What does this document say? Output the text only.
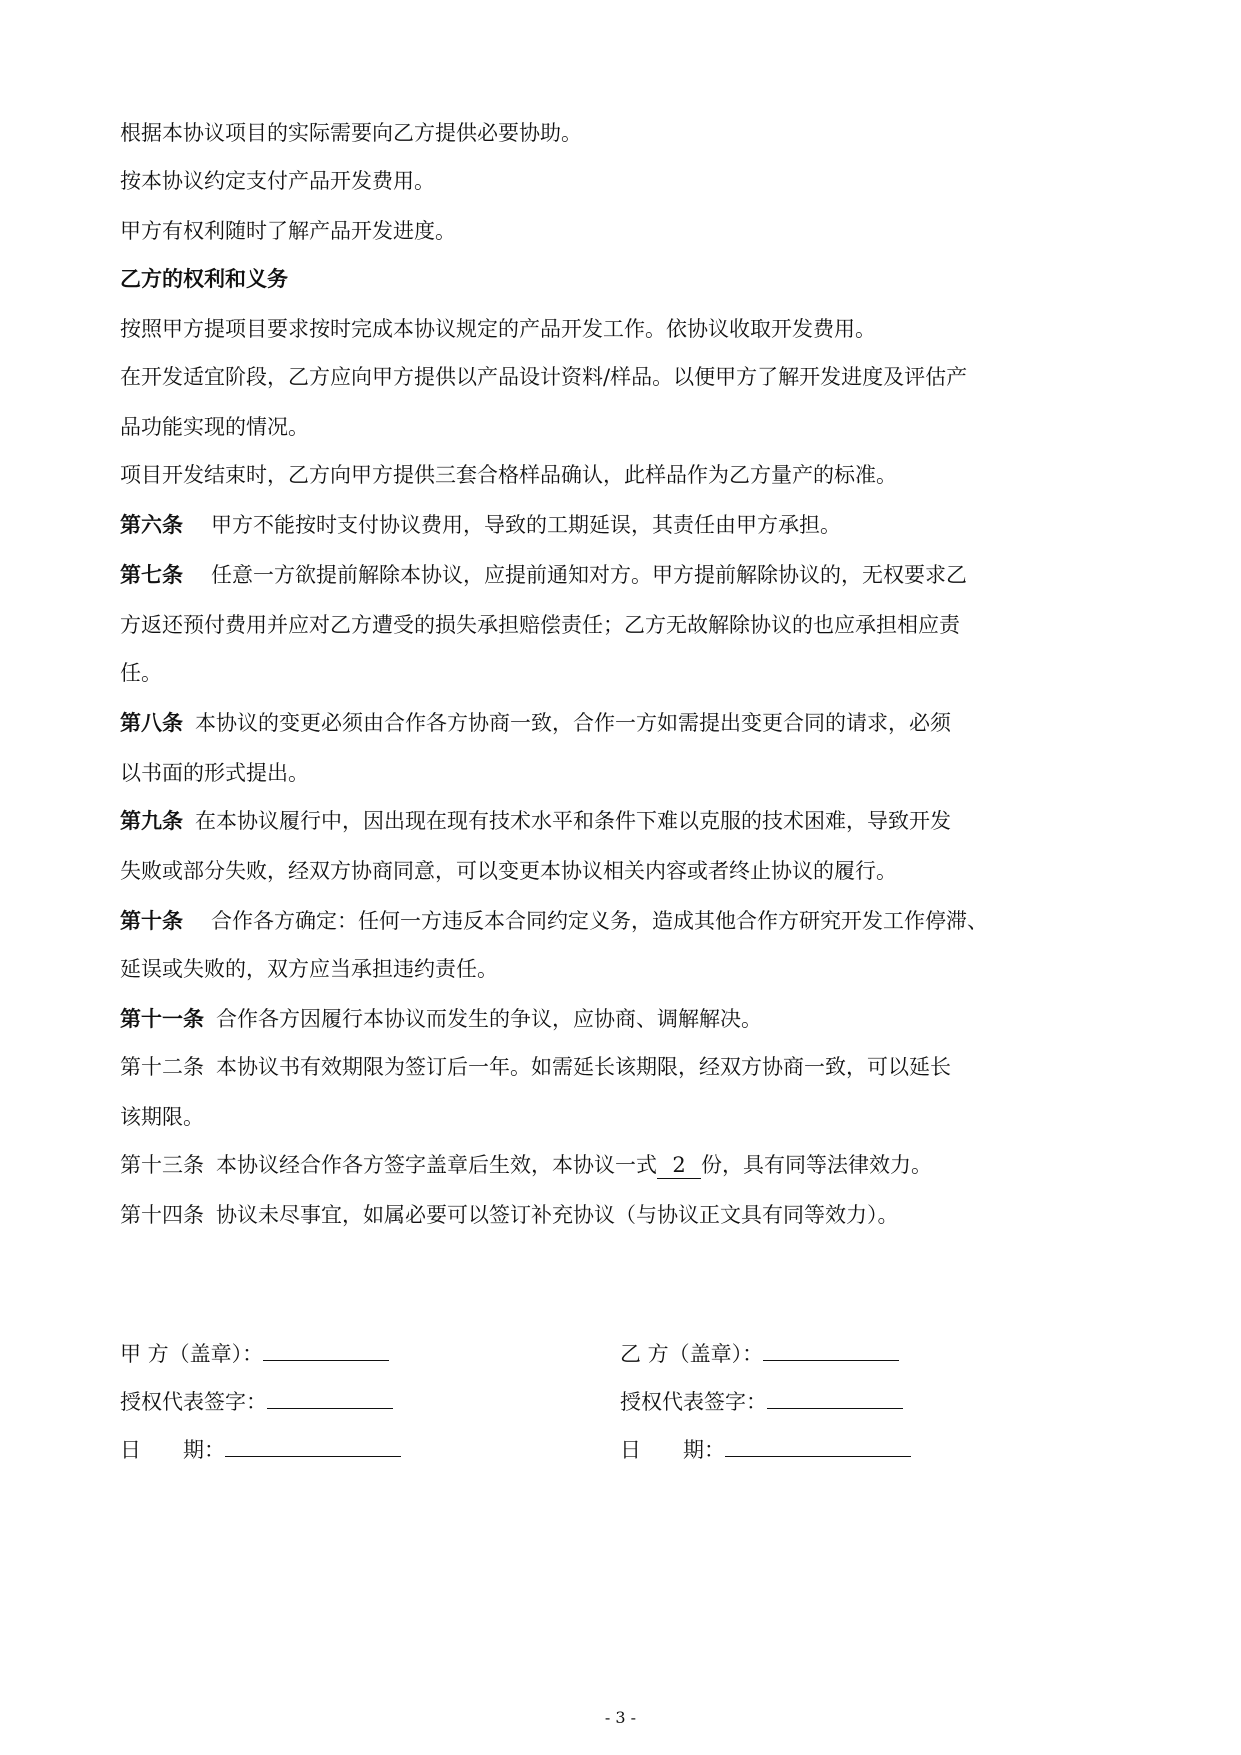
根据本协议项目的实际需要向乙方提供必要协助。
按本协议约定支付产品开发费用。
甲方有权利随时了解产品开发进度。
乙方的权利和义务
按照甲方提项目要求按时完成本协议规定的产品开发工作。依协议收取开发费用。
在开发适宜阶段，乙方应向甲方提供以产品设计资料/样品。以便甲方了解开发进度及评估产
品功能实现的情况。
项目开发结束时，乙方向甲方提供三套合格样品确认，此样品作为乙方量产的标准。
第六条 甲方不能按时支付协议费用，导致的工期延误，其责任由甲方承担。
第七条 任意一方欲提前解除本协议，应提前通知对方。甲方提前解除协议的，无权要求乙
方返还预付费用并应对乙方遭受的损失承担赔偿责任；乙方无故解除协议的也应承担相应责
任。
第八条 本协议的变更必须由合作各方协商一致，合作一方如需提出变更合同的请求，必须
以书面的形式提出。
第九条 在本协议履行中，因出现在现有技术水平和条件下难以克服的技术困难，导致开发
失败或部分失败，经双方协商同意，可以变更本协议相关内容或者终止协议的履行。
第十条 合作各方确定：任何一方违反本合同约定义务，造成其他合作方研究开发工作停滞、
延误或失败的，双方应当承担违约责任。
第十一条 合作各方因履行本协议而发生的争议，应协商、调解解决。
第十二条 本协议书有效期限为签订后一年。如需延长该期限，经双方协商一致，可以延长
该期限。
第十三条 本协议经合作各方签字盖章后生效，本协议一式 2 份，具有同等法律效力。
第十四条 协议未尽事宜，如属必要可以签订补充协议（与协议正文具有同等效力）。
甲 方（盖章）：
授权代表签字：
日　　期：
乙 方（盖章）：
授权代表签字：
日　　期：
- 3 -
